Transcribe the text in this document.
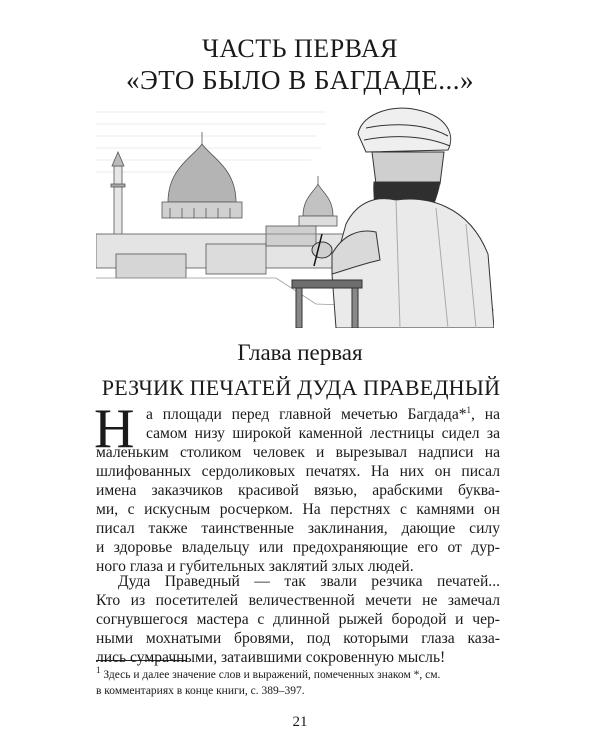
ЧАСТЬ ПЕРВАЯ
«ЭТО БЫЛО В БАГДАДЕ...»
Глава первая
РЕЗЧИК ПЕЧАТЕЙ ДУДА ПРАВЕДНЫЙ
Н а площади перед главной мечетью Багдада*$^1$, на
самом низу широкой каменной лестницы сидел за
маленьким столиком человек и вырезывал надписи на
шлифованных сердоликовых печатях. На них он писал
имена заказчиков красивой вязью, арабскими буква-
ми, с искусным росчерком. На перстнях с камнями он
писал также таинственные заклинания, дающие силу
и здоровье владельцу или предохраняющие его от дур-
ного глаза и губительных заклятий злых людей.
Дуда Праведный — так звали резчика печатей...
Кто из посетителей величественной мечети не замечал
согнувшегося мастера с длинной рыжей бородой и чер-
ными мохнатыми бровями, под которыми глаза каза-
$^1$ Здесь и далее значение слов и выражений, помеченных знаком *, см.
в комментариях в конце книги, с. 389–397.
21
лись сумрачными, затаившими сокровенную мысль!
